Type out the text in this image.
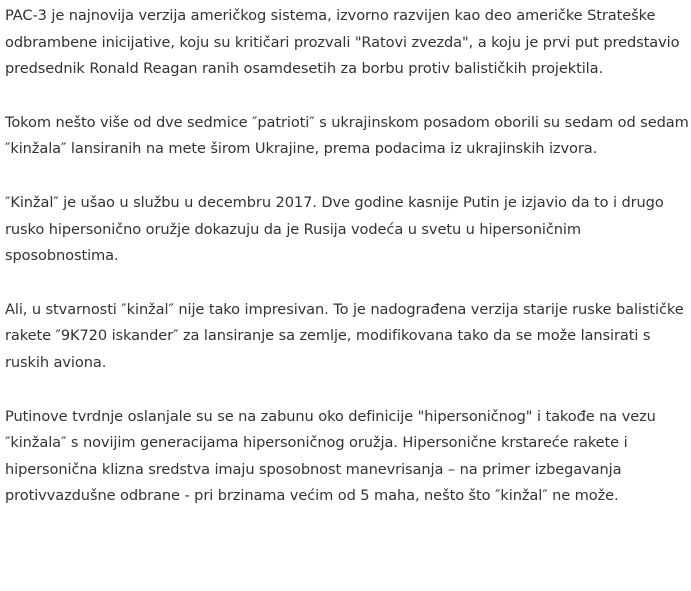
PAC-3 je najnovija verzija američkog sistema, izvorno razvijen kao deo američke Strateške odbrambene inicijative, koju su kritičari prozvali "Ratovi zvezda", a koju je prvi put predstavio predsednik Ronald Reagan ranih osamdesetih za borbu protiv balističkih projektila.

Tokom nešto više od dve sedmice ″patrioti″ s ukrajinskom posadom oborili su sedam od sedam ″kinžala″ lansiranih na mete širom Ukrajine, prema podacima iz ukrajinskih izvora.

″Kinžal″ je ušao u službu u decembru 2017. Dve godine kasnije Putin je izjavio da to i drugo rusko hipersonično oružje dokazuju da je Rusija vodeća u svetu u hipersoničnim sposobnostima.

Ali, u stvarnosti ″kinžal″ nije tako impresivan. To je nadograđena verzija starije ruske balističke rakete ″9K720 iskander″ za lansiranje sa zemlje, modifikovana tako da se može lansirati s ruskih aviona.

Putinove tvrdnje oslanjale su se na zabunu oko definicije "hipersoničnog" i takođe na vezu ″kinžala″ s novijim generacijama hipersoničnog oružja. Hipersonične krstareće rakete i hipersonična klizna sredstva imaju sposobnost manevrisanja – na primer izbegavanja protivvazdušne odbrane - pri brzinama većim od 5 maha, nešto što ″kinžal″ ne može.
